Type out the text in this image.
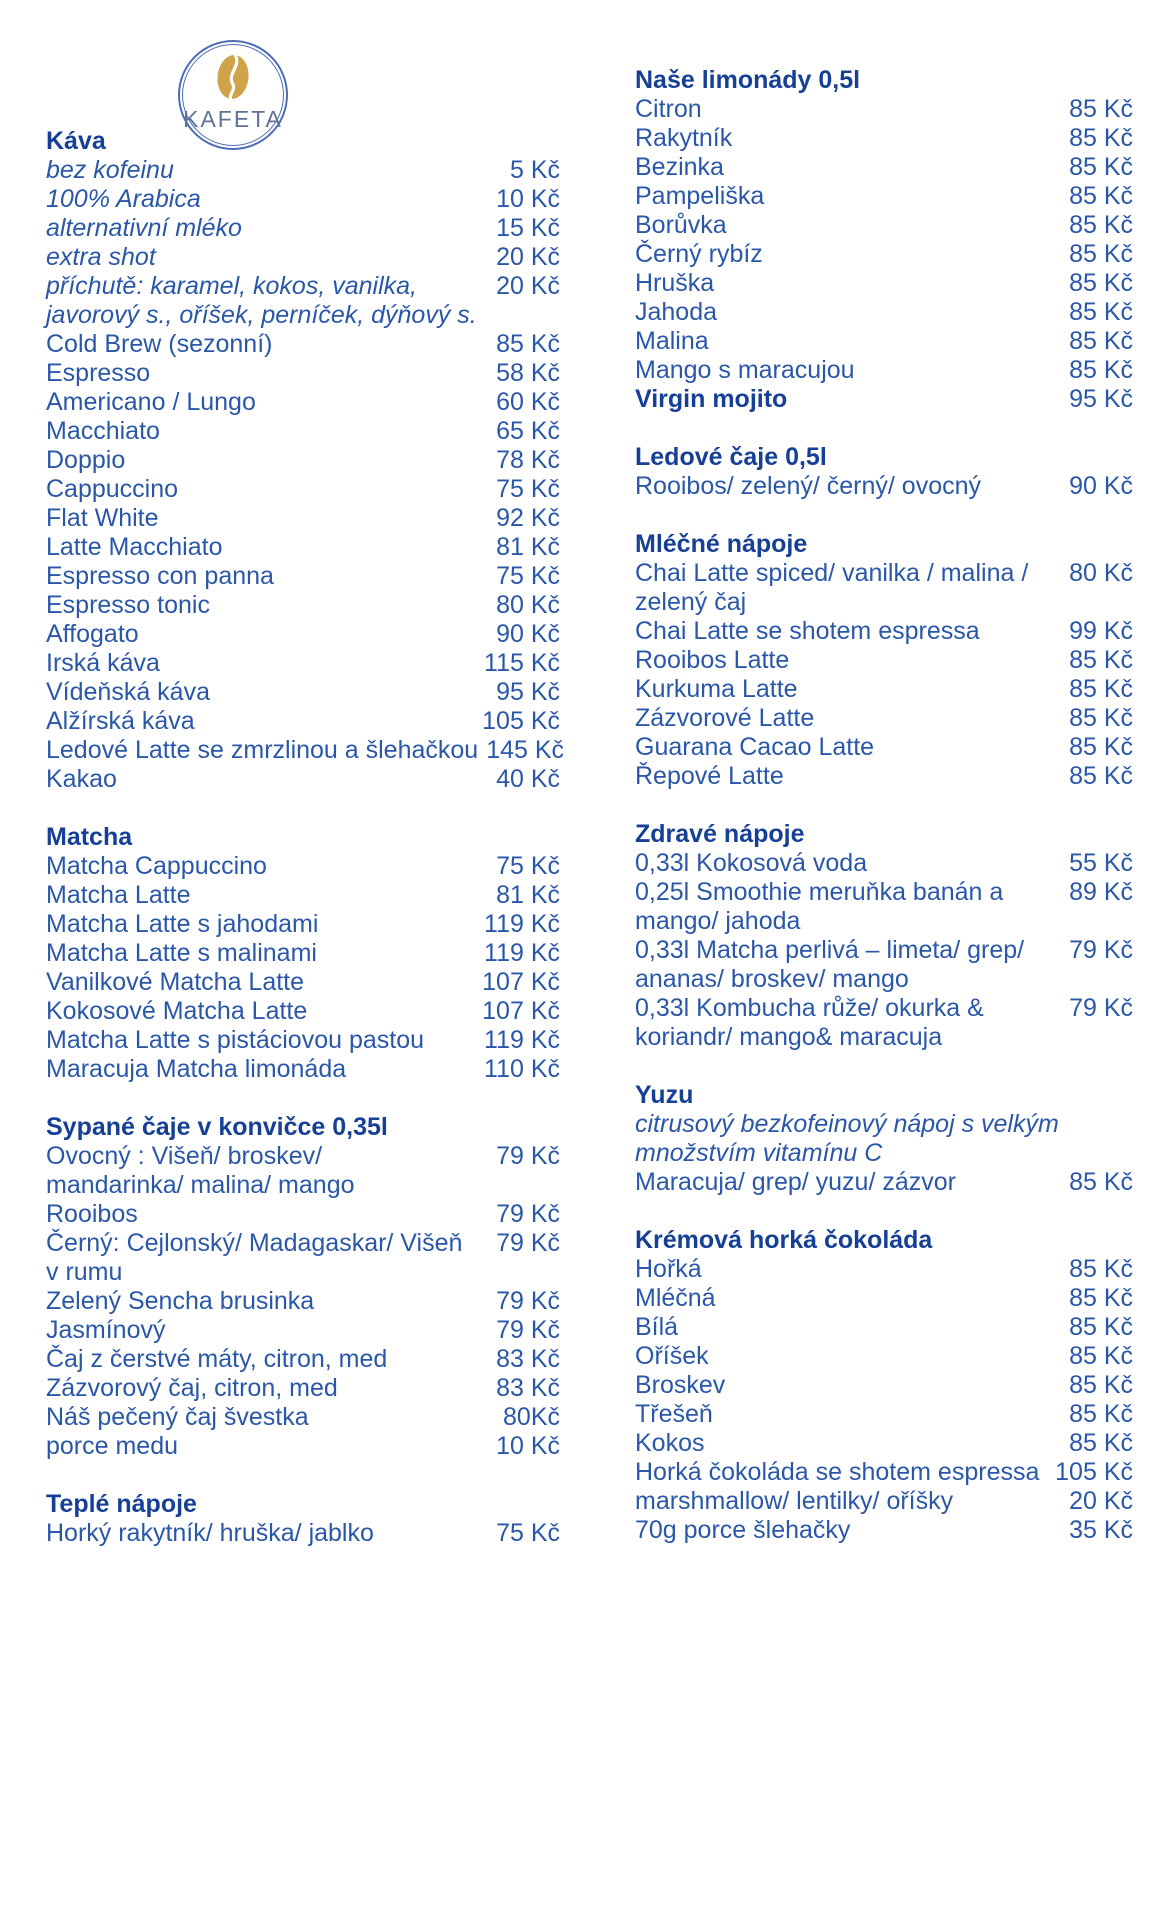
KAFETA
Káva
bez kofeinu	5 Kč
100% Arabica	10 Kč
alternativní mléko	15 Kč
extra shot	20 Kč
příchutě: karamel, kokos, vanilka,	20 Kč
javorový s., oříšek, perníček, dýňový s.
Cold Brew (sezonní)	85 Kč
Espresso	58 Kč
Americano / Lungo	60 Kč
Macchiato	65 Kč
Doppio	78 Kč
Cappuccino	75 Kč
Flat White	92 Kč
Latte Macchiato	81 Kč
Espresso con panna	75 Kč
Espresso tonic	80 Kč
Affogato	90 Kč
Irská káva	115 Kč
Vídeňská káva	95 Kč
Alžírská káva	105 Kč
Ledové Latte se zmrzlinou a šlehačkou 145 Kč
Kakao	40 Kč
Matcha
Matcha Cappuccino	75 Kč
Matcha Latte	81 Kč
Matcha Latte s jahodami	119 Kč
Matcha Latte s malinami	119 Kč
Vanilkové Matcha Latte	107 Kč
Kokosové Matcha Latte	107 Kč
Matcha Latte s pistáciovou pastou 119 Kč
Maracuja Matcha limonáda	110 Kč
Sypané čaje v konvičce 0,35l
Ovocný : Višeň/ broskev/	79 Kč
mandarinka/ malina/ mango
Rooibos	79 Kč
Černý: Cejlonský/ Madagaskar/ Višeň 79 Kč
v rumu
Zelený Sencha brusinka	79 Kč
Jasmínový	79 Kč
Čaj z čerstvé máty, citron, med	83 Kč
Zázvorový čaj, citron, med	83 Kč
Náš pečený čaj švestka	80Kč
porce medu	10 Kč
Teplé nápoje
Horký rakytník/ hruška/ jablko	75 Kč
Naše limonády 0,5l
Citron	85 Kč
Rakytník	85 Kč
Bezinka	85 Kč
Pampeliška	85 Kč
Borůvka	85 Kč
Černý rybíz	85 Kč
Hruška	85 Kč
Jahoda	85 Kč
Malina	85 Kč
Mango s maracujou	85 Kč
Virgin mojito	95 Kč
Ledové čaje 0,5l
Rooibos/ zelený/ černý/ ovocný	90 Kč
Mléčné nápoje
Chai Latte spiced/ vanilka / malina / 80 Kč
zelený čaj
Chai Latte se shotem espressa	99 Kč
Rooibos Latte	85 Kč
Kurkuma Latte	85 Kč
Zázvorové Latte	85 Kč
Guarana Cacao Latte	85 Kč
Řepové Latte	85 Kč
Zdravé nápoje
0,33l Kokosová voda	55 Kč
0,25l Smoothie meruňka banán a	89 Kč
mango/ jahoda
0,33l Matcha perlivá – limeta/ grep/ 79 Kč
ananas/ broskev/ mango
0,33l Kombucha růže/ okurka &	79 Kč
koriandr/ mango& maracuja
Yuzu
citrusový bezkofeinový nápoj s velkým
množstvím vitamínu C
Maracuja/ grep/ yuzu/ zázvor	85 Kč
Krémová horká čokoláda
Hořká	85 Kč
Mléčná	85 Kč
Bílá	85 Kč
Oříšek	85 Kč
Broskev	85 Kč
Třešeň	85 Kč
Kokos	85 Kč
Horká čokoláda se shotem espressa 105 Kč
marshmallow/ lentilky/ oříšky	20 Kč
70g porce šlehačky	35 Kč
